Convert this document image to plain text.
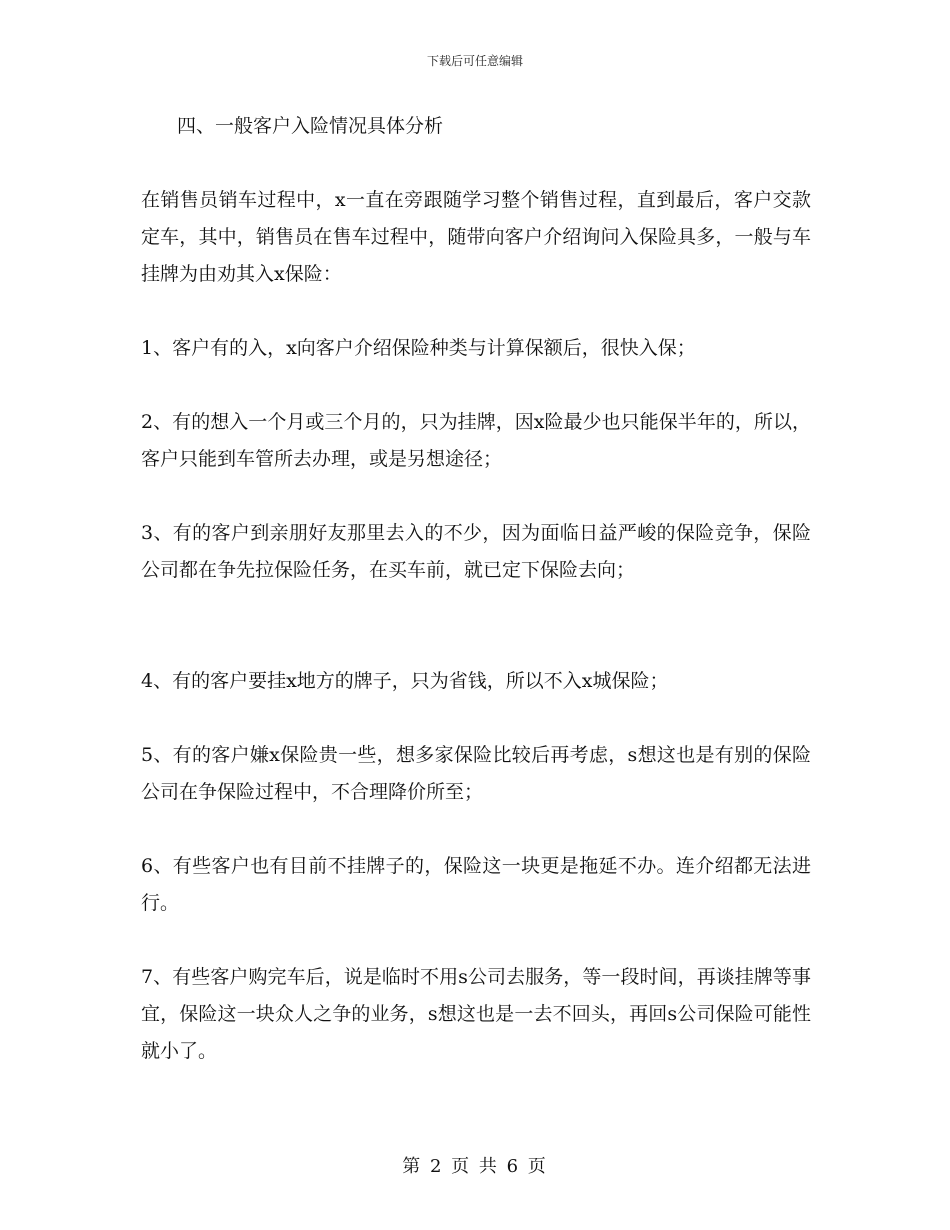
下载后可任意编辑
四、一般客户入险情况具体分析

在销售员销车过程中，x一直在旁跟随学习整个销售过程，直到最后，客户交款定车，其中，销售员在售车过程中，随带向客户介绍询问入保险具多，一般与车挂牌为由劝其入x保险：

1、客户有的入，x向客户介绍保险种类与计算保额后，很快入保；

2、有的想入一个月或三个月的，只为挂牌，因x险最少也只能保半年的，所以，客户只能到车管所去办理，或是另想途径；

3、有的客户到亲朋好友那里去入的不少，因为面临日益严峻的保险竞争，保险公司都在争先拉保险任务，在买车前，就已定下保险去向；

4、有的客户要挂x地方的牌子，只为省钱，所以不入x城保险；

5、有的客户嫌x保险贵一些，想多家保险比较后再考虑，s想这也是有别的保险公司在争保险过程中，不合理降价所至；

6、有些客户也有目前不挂牌子的，保险这一块更是拖延不办。连介绍都无法进行。

7、有些客户购完车后，说是临时不用s公司去服务，等一段时间，再谈挂牌等事宜，保险这一块众人之争的业务，s想这也是一去不回头，再回s公司保险可能性就小了。

第 2 页 共 6 页
